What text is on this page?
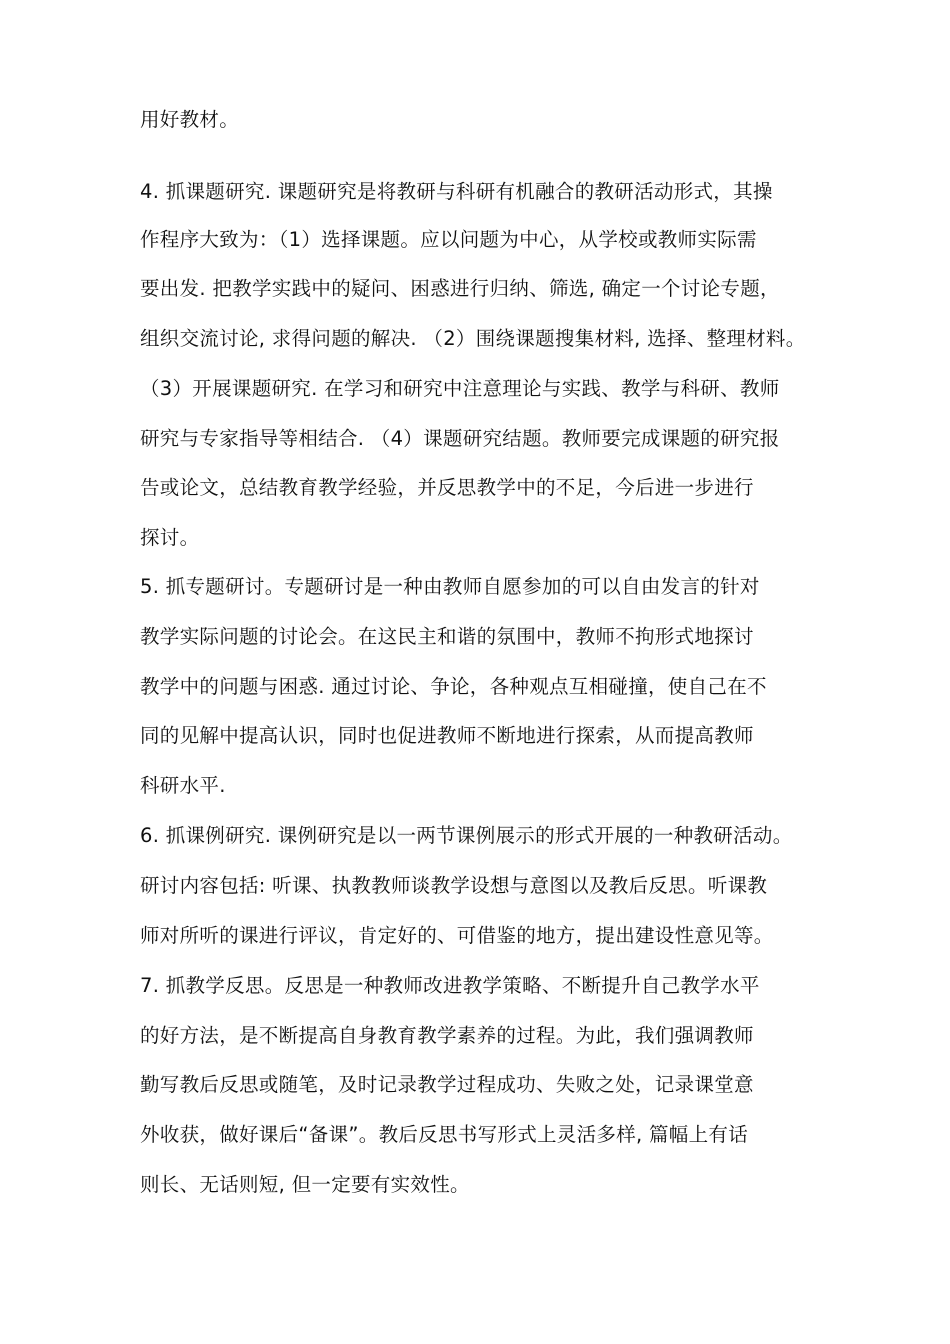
用好教材。
4. 抓课题研究. 课题研究是将教研与科研有机融合的教研活动形式，其操
作程序大致为：（1）选择课题。应以问题为中心，从学校或教师实际需
要出发. 把教学实践中的疑问、困惑进行归纳、筛选, 确定一个讨论专题，
组织交流讨论, 求得问题的解决. （2）围绕课题搜集材料, 选择、整理材料。
（3）开展课题研究. 在学习和研究中注意理论与实践、教学与科研、教师
研究与专家指导等相结合. （4）课题研究结题。教师要完成课题的研究报
告或论文，总结教育教学经验，并反思教学中的不足，今后进一步进行
探讨。
5. 抓专题研讨。专题研讨是一种由教师自愿参加的可以自由发言的针对
教学实际问题的讨论会。在这民主和谐的氛围中，教师不拘形式地探讨
教学中的问题与困惑. 通过讨论、争论，各种观点互相碰撞，使自己在不
同的见解中提高认识，同时也促进教师不断地进行探索，从而提高教师
科研水平.
6. 抓课例研究. 课例研究是以一两节课例展示的形式开展的一种教研活动。
研讨内容包括: 听课、执教教师谈教学设想与意图以及教后反思。听课教
师对所听的课进行评议，肯定好的、可借鉴的地方，提出建设性意见等。
7. 抓教学反思。反思是一种教师改进教学策略、不断提升自己教学水平
的好方法，是不断提高自身教育教学素养的过程。为此，我们强调教师
勤写教后反思或随笔，及时记录教学过程成功、失败之处，记录课堂意
外收获，做好课后“备课”。教后反思书写形式上灵活多样, 篇幅上有话
则长、无话则短, 但一定要有实效性。
